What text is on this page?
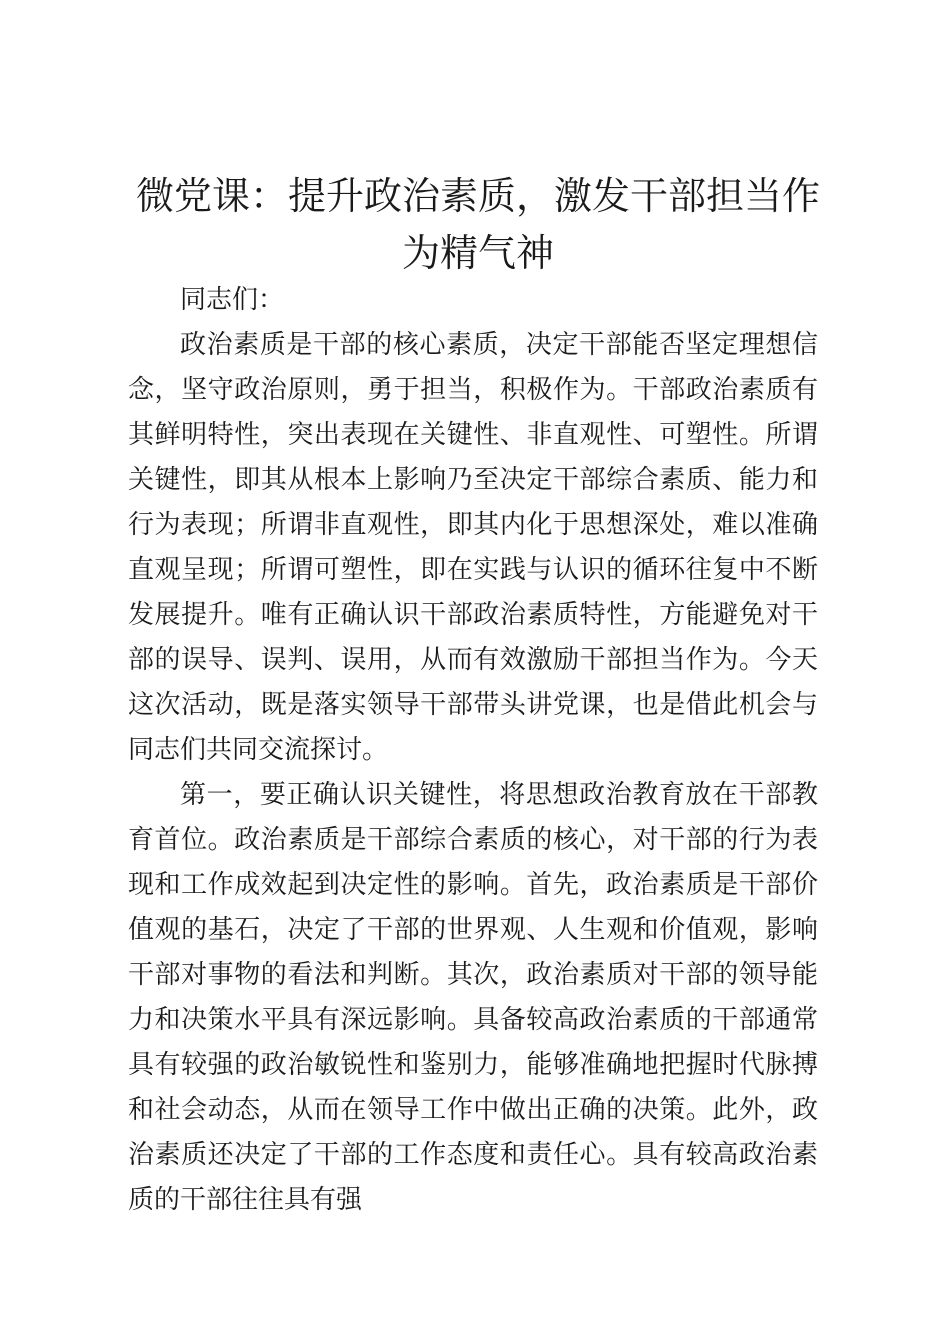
微党课：提升政治素质，激发干部担当作为精气神

同志们：

政治素质是干部的核心素质，决定干部能否坚定理想信念，坚守政治原则，勇于担当，积极作为。干部政治素质有其鲜明特性，突出表现在关键性、非直观性、可塑性。所谓关键性，即其从根本上影响乃至决定干部综合素质、能力和行为表现；所谓非直观性，即其内化于思想深处，难以准确直观呈现；所谓可塑性，即在实践与认识的循环往复中不断发展提升。唯有正确认识干部政治素质特性，方能避免对干部的误导、误判、误用，从而有效激励干部担当作为。今天这次活动，既是落实领导干部带头讲党课，也是借此机会与同志们共同交流探讨。

第一，要正确认识关键性，将思想政治教育放在干部教育首位。政治素质是干部综合素质的核心，对干部的行为表现和工作成效起到决定性的影响。首先，政治素质是干部价值观的基石，决定了干部的世界观、人生观和价值观，影响干部对事物的看法和判断。其次，政治素质对干部的领导能力和决策水平具有深远影响。具备较高政治素质的干部通常具有较强的政治敏锐性和鉴别力，能够准确地把握时代脉搏和社会动态，从而在领导工作中做出正确的决策。此外，政治素质还决定了干部的工作态度和责任心。具有较高政治素质的干部往往具有强
